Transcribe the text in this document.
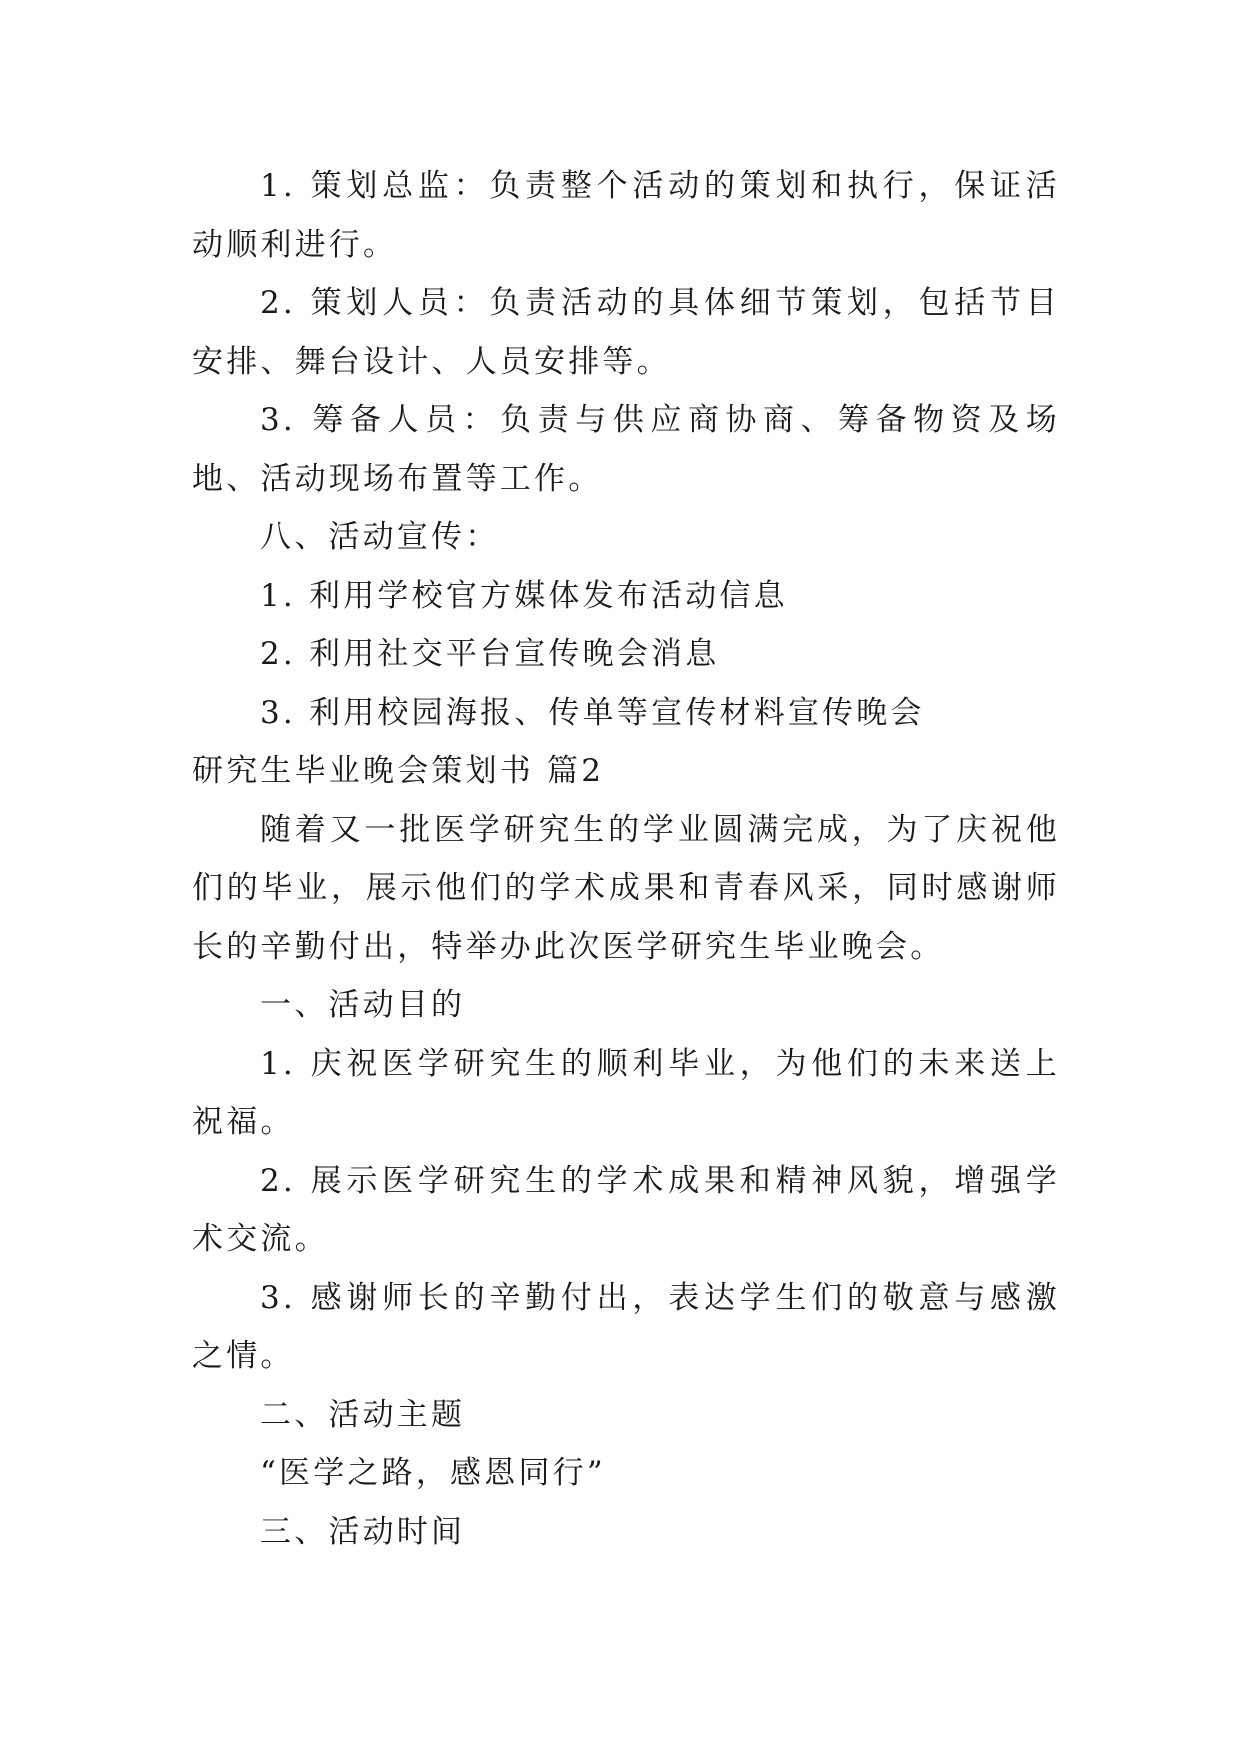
1. 策划总监：负责整个活动的策划和执行，保证活动顺利进行。

2. 策划人员：负责活动的具体细节策划，包括节目安排、舞台设计、人员安排等。

3. 筹备人员：负责与供应商协商、筹备物资及场地、活动现场布置等工作。

八、活动宣传：

1. 利用学校官方媒体发布活动信息

2. 利用社交平台宣传晚会消息

3. 利用校园海报、传单等宣传材料宣传晚会

研究生毕业晚会策划书 篇2

随着又一批医学研究生的学业圆满完成，为了庆祝他们的毕业，展示他们的学术成果和青春风采，同时感谢师长的辛勤付出，特举办此次医学研究生毕业晚会。

一、活动目的

1. 庆祝医学研究生的顺利毕业，为他们的未来送上祝福。

2. 展示医学研究生的学术成果和精神风貌，增强学术交流。

3. 感谢师长的辛勤付出，表达学生们的敬意与感激之情。

二、活动主题

“医学之路，感恩同行”

三、活动时间
